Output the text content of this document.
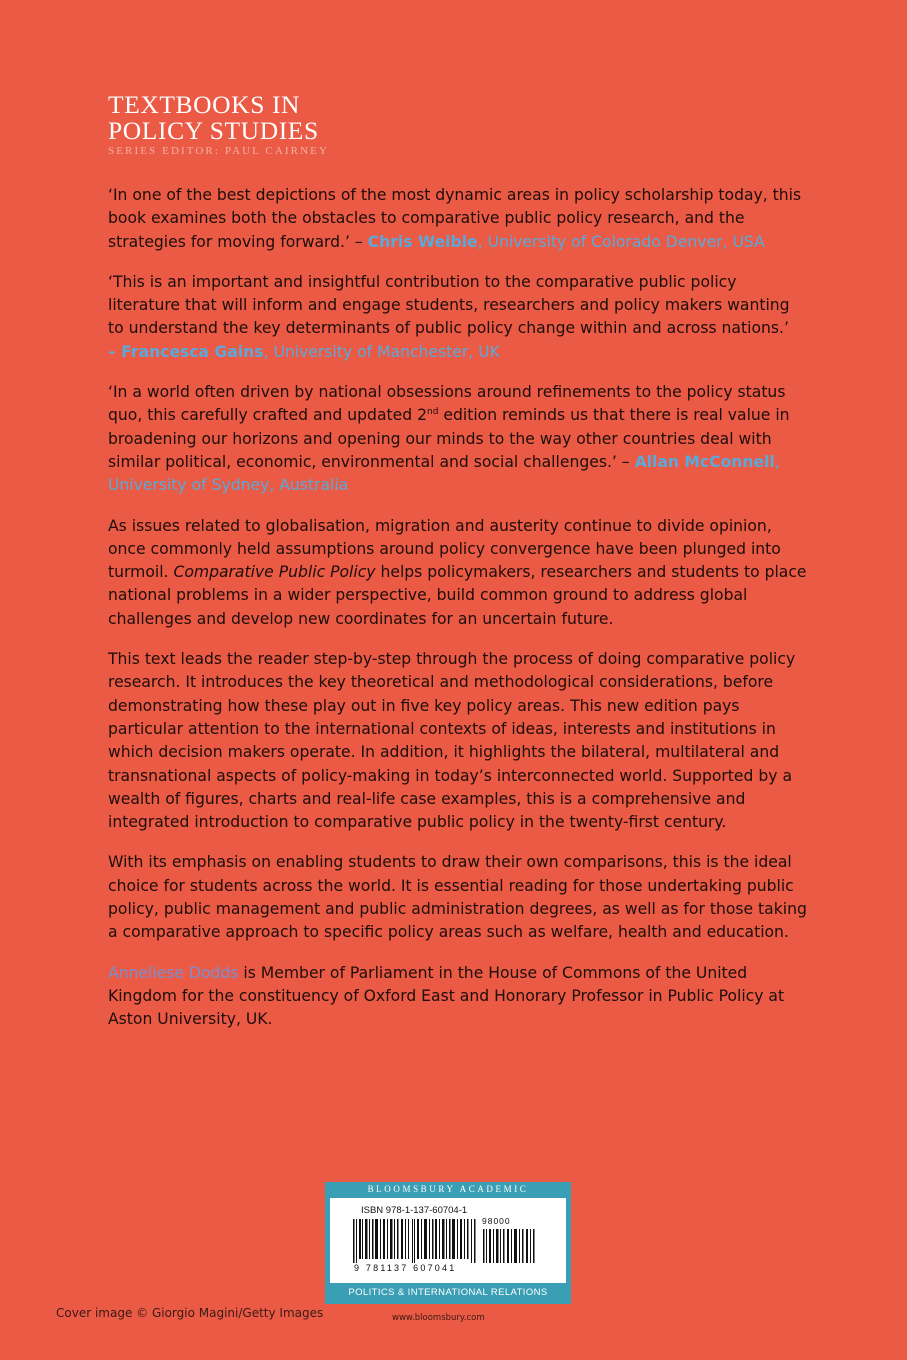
TEXTBOOKS IN
POLICY STUDIES
SERIES EDITOR: PAUL CAIRNEY

‘In one of the best depictions of the most dynamic areas in policy scholarship today, this book examines both the obstacles to comparative public policy research, and the strategies for moving forward.’ – Chris Weible, University of Colorado Denver, USA

‘This is an important and insightful contribution to the comparative public policy literature that will inform and engage students, researchers and policy makers wanting to understand the key determinants of public policy change within and across nations.’
– Francesca Gains, University of Manchester, UK

‘In a world often driven by national obsessions around refinements to the policy status quo, this carefully crafted and updated 2nd edition reminds us that there is real value in broadening our horizons and opening our minds to the way other countries deal with similar political, economic, environmental and social challenges.’ – Allan McConnell, University of Sydney, Australia

As issues related to globalisation, migration and austerity continue to divide opinion, once commonly held assumptions around policy convergence have been plunged into turmoil. Comparative Public Policy helps policymakers, researchers and students to place national problems in a wider perspective, build common ground to address global challenges and develop new coordinates for an uncertain future.

This text leads the reader step-by-step through the process of doing comparative policy research. It introduces the key theoretical and methodological considerations, before demonstrating how these play out in five key policy areas. This new edition pays particular attention to the international contexts of ideas, interests and institutions in which decision makers operate. In addition, it highlights the bilateral, multilateral and transnational aspects of policy-making in today’s interconnected world. Supported by a wealth of figures, charts and real-life case examples, this is a comprehensive and integrated introduction to comparative public policy in the twenty-first century.

With its emphasis on enabling students to draw their own comparisons, this is the ideal choice for students across the world. It is essential reading for those undertaking public policy, public management and public administration degrees, as well as for those taking a comparative approach to specific policy areas such as welfare, health and education.

Anneliese Dodds is Member of Parliament in the House of Commons of the United Kingdom for the constituency of Oxford East and Honorary Professor in Public Policy at Aston University, UK.

BLOOMSBURY ACADEMIC
ISBN 978-1-137-60704-1
98000
9 781137 607041
POLITICS & INTERNATIONAL RELATIONS
Cover image © Giorgio Magini/Getty Images	www.bloomsbury.com
